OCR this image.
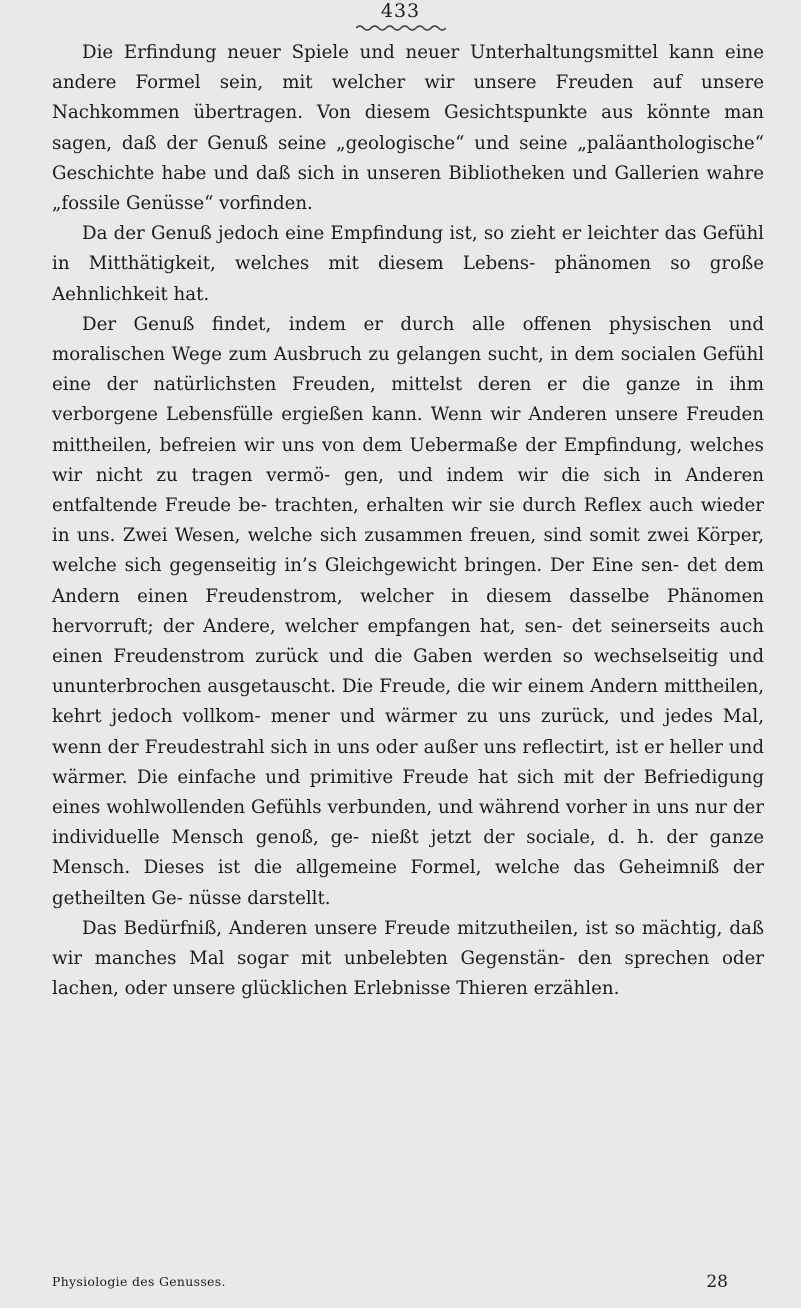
433

Die Erfindung neuer Spiele und neuer Unterhaltungsmittel kann eine andere Formel sein, mit welcher wir unsere Freuden auf unsere Nachkommen übertragen. Von diesem Gesichtspunkte aus könnte man sagen, daß der Genuß seine „geologische“ und seine „paläanthologische“ Geschichte habe und daß sich in unseren Bibliotheken und Gallerien wahre „fossile Genüsse“ vorfinden.

Da der Genuß jedoch eine Empfindung ist, so zieht er leichter das Gefühl in Mitthätigkeit, welches mit diesem Lebens- phänomen so große Aehnlichkeit hat.

Der Genuß findet, indem er durch alle offenen physischen und moralischen Wege zum Ausbruch zu gelangen sucht, in dem socialen Gefühl eine der natürlichsten Freuden, mittelst deren er die ganze in ihm verborgene Lebensfülle ergießen kann. Wenn wir Anderen unsere Freuden mittheilen, befreien wir uns von dem Uebermaße der Empfindung, welches wir nicht zu tragen vermö- gen, und indem wir die sich in Anderen entfaltende Freude be- trachten, erhalten wir sie durch Reflex auch wieder in uns. Zwei Wesen, welche sich zusammen freuen, sind somit zwei Körper, welche sich gegenseitig in’s Gleichgewicht bringen. Der Eine sen- det dem Andern einen Freudenstrom, welcher in diesem dasselbe Phänomen hervorruft; der Andere, welcher empfangen hat, sen- det seinerseits auch einen Freudenstrom zurück und die Gaben werden so wechselseitig und ununterbrochen ausgetauscht. Die Freude, die wir einem Andern mittheilen, kehrt jedoch vollkom- mener und wärmer zu uns zurück, und jedes Mal, wenn der Freudestrahl sich in uns oder außer uns reflectirt, ist er heller und wärmer. Die einfache und primitive Freude hat sich mit der Befriedigung eines wohlwollenden Gefühls verbunden, und während vorher in uns nur der individuelle Mensch genoß, ge- nießt jetzt der sociale, d. h. der ganze Mensch. Dieses ist die allgemeine Formel, welche das Geheimniß der getheilten Ge- nüsse darstellt.

Das Bedürfniß, Anderen unsere Freude mitzutheilen, ist so mächtig, daß wir manches Mal sogar mit unbelebten Gegenstän- den sprechen oder lachen, oder unsere glücklichen Erlebnisse Thieren erzählen.

Physiologie des Genusses.	28
